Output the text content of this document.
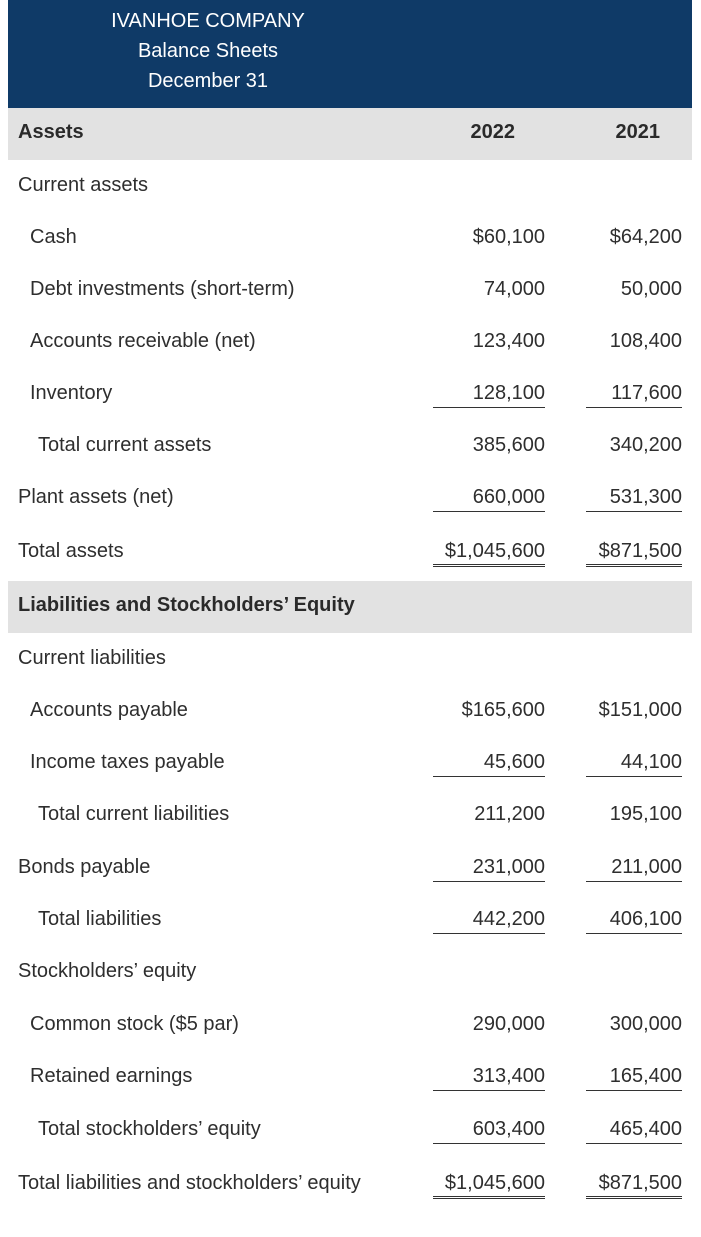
IVANHOE COMPANY
Balance Sheets
December 31
Assets	2022	2021
Current assets
Cash	$60,100	$64,200
Debt investments (short-term)	74,000	50,000
Accounts receivable (net)	123,400	108,400
Inventory	128,100	117,600
Total current assets	385,600	340,200
Plant assets (net)	660,000	531,300
Total assets	$1,045,600	$871,500
Liabilities and Stockholders’ Equity
Current liabilities
Accounts payable	$165,600	$151,000
Income taxes payable	45,600	44,100
Total current liabilities	211,200	195,100
Bonds payable	231,000	211,000
Total liabilities	442,200	406,100
Stockholders’ equity
Common stock ($5 par)	290,000	300,000
Retained earnings	313,400	165,400
Total stockholders’ equity	603,400	465,400
Total liabilities and stockholders’ equity	$1,045,600	$871,500
